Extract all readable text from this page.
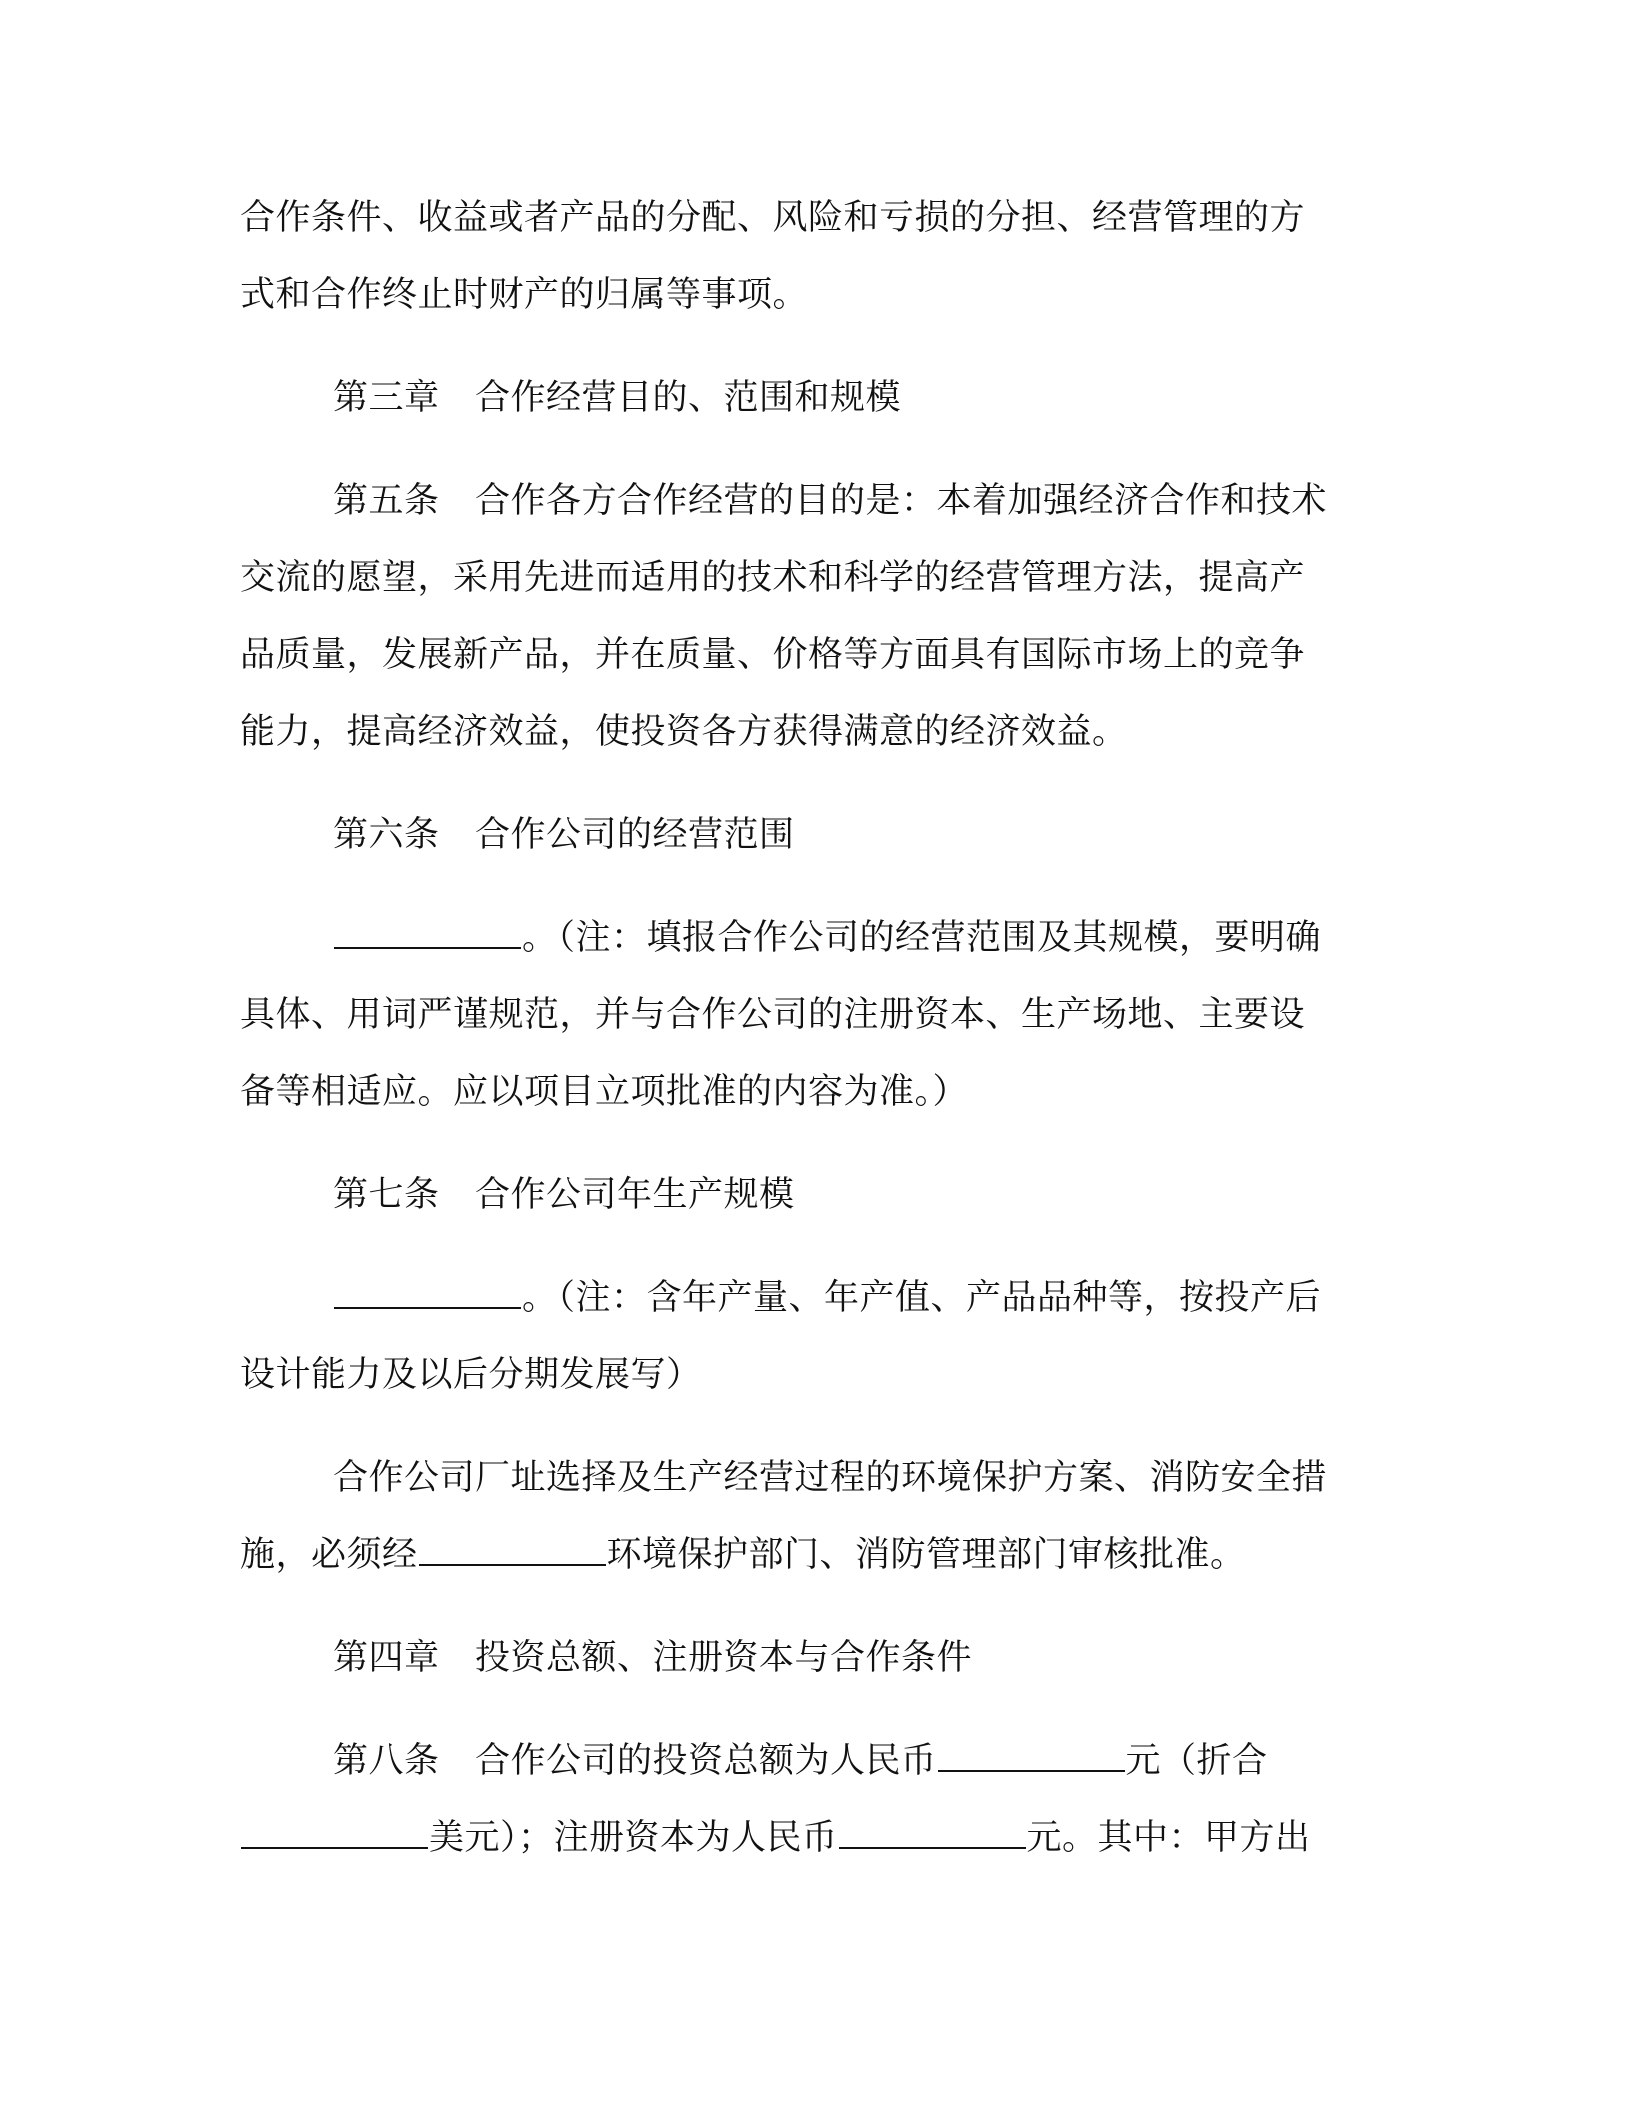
合作条件、收益或者产品的分配、风险和亏损的分担、经营管理的方
式和合作终止时财产的归属等事项。
第三章　合作经营目的、范围和规模
第五条　合作各方合作经营的目的是：本着加强经济合作和技术
交流的愿望，采用先进而适用的技术和科学的经营管理方法，提高产
品质量，发展新产品，并在质量、价格等方面具有国际市场上的竞争
能力，提高经济效益，使投资各方获得满意的经济效益。
第六条　合作公司的经营范围
。（注：填报合作公司的经营范围及其规模，要明确
具体、用词严谨规范，并与合作公司的注册资本、生产场地、主要设
备等相适应。应以项目立项批准的内容为准。）
第七条　合作公司年生产规模
。（注：含年产量、年产值、产品品种等，按投产后
设计能力及以后分期发展写）
合作公司厂址选择及生产经营过程的环境保护方案、消防安全措
施，必须经	环境保护部门、消防管理部门审核批准。
第四章　投资总额、注册资本与合作条件
第八条　合作公司的投资总额为人民币	元（折合
美元）；注册资本为人民币	元。其中：甲方出
